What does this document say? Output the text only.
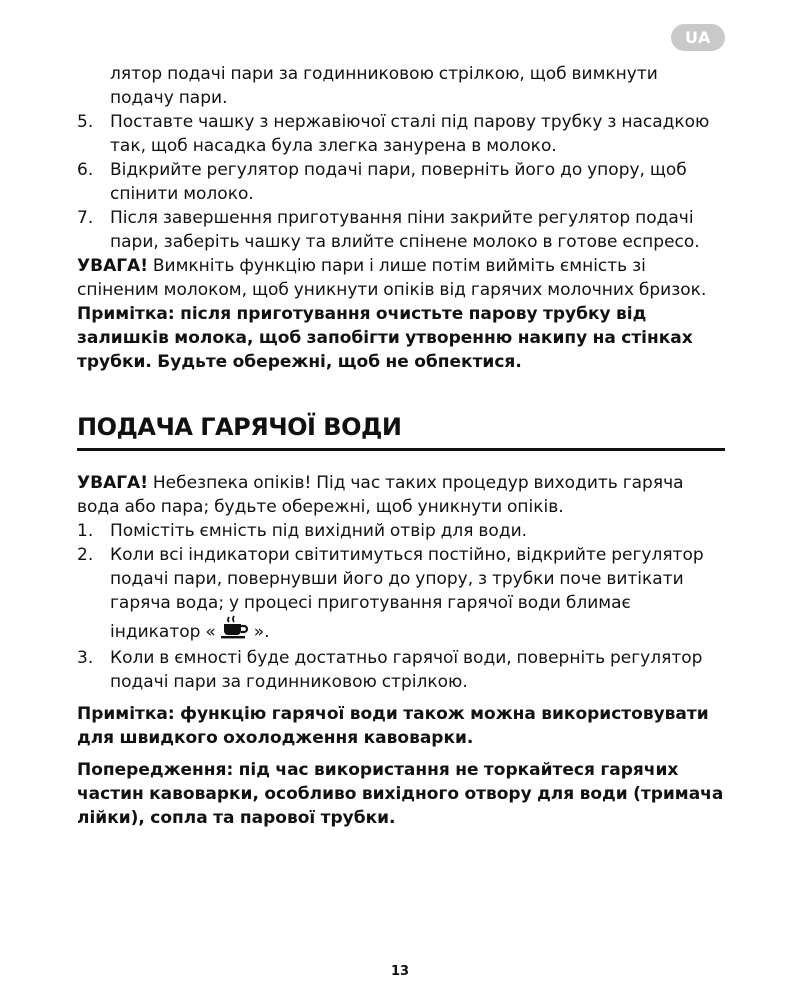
UA

лятор подачі пари за годинниковою стрілкою, щоб вимкнути подачу пари.

5. Поставте чашку з нержавіючої сталі під парову трубку з насадкою так, щоб насадка була злегка занурена в молоко.
6. Відкрийте регулятор подачі пари, поверніть його до упору, щоб спінити молоко.
7. Після завершення приготування піни закрийте регулятор подачі пари, заберіть чашку та влийте спінене молоко в готове еспресо.

УВАГА! Вимкніть функцію пари і лише потім вийміть ємність зі спіненим молоком, щоб уникнути опіків від гарячих молочних бризок.

Примітка: після приготування очистьте парову трубку від залишків молока, щоб запобігти утворенню накипу на стінках трубки. Будьте обережні, щоб не обпектися.

ПОДАЧА ГАРЯЧОЇ ВОДИ

УВАГА! Небезпека опіків! Під час таких процедур виходить гаряча вода або пара; будьте обережні, щоб уникнути опіків.

1. Помістіть ємність під вихідний отвір для води.
2. Коли всі індикатори світитимуться постійно, відкрийте регулятор подачі пари, повернувши його до упору, з трубки поче витікати гаряча вода; у процесі приготування гарячої води блимає індикатор « ».
3. Коли в ємності буде достатньо гарячої води, поверніть регулятор подачі пари за годинниковою стрілкою.

Примітка: функцію гарячої води також можна використовувати для швидкого охолодження кавоварки.

Попередження: під час використання не торкайтеся гарячих частин кавоварки, особливо вихідного отвору для води (тримача лійки), сопла та парової трубки.

13
